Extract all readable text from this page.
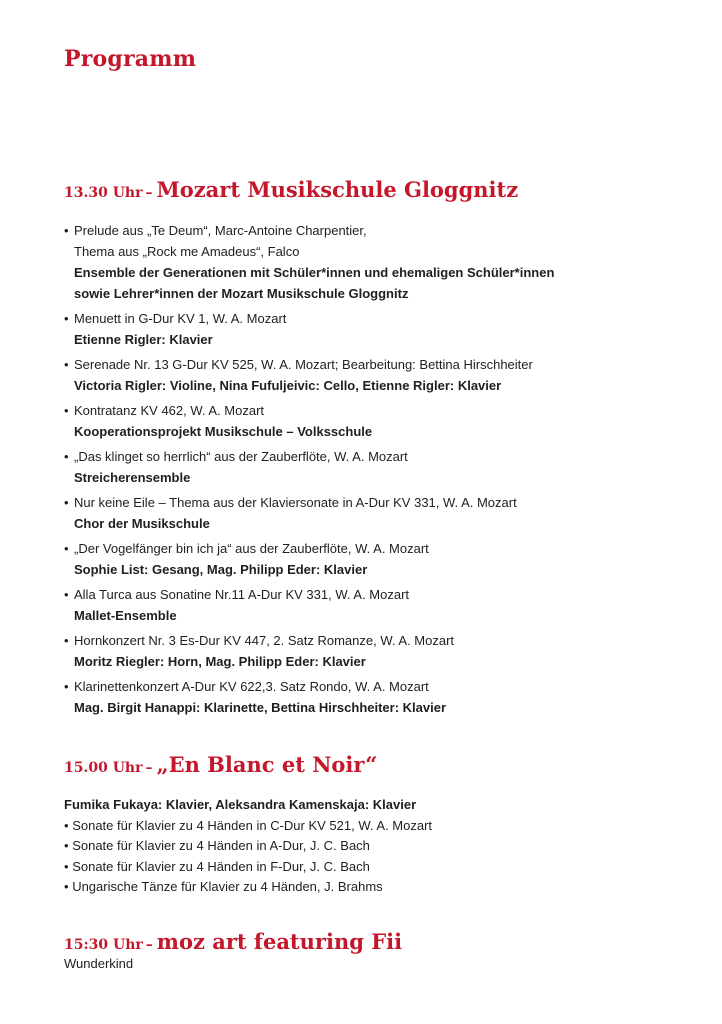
Programm
13.30 Uhr – Mozart Musikschule Gloggnitz
• Prelude aus „Te Deum“, Marc-Antoine Charpentier,
Thema aus „Rock me Amadeus“, Falco
Ensemble der Generationen mit Schüler*innen und ehemaligen Schüler*innen
sowie Lehrer*innen der Mozart Musikschule Gloggnitz
• Menuett in G-Dur KV 1, W. A. Mozart
Etienne Rigler: Klavier
• Serenade Nr. 13 G-Dur KV 525, W. A. Mozart; Bearbeitung: Bettina Hirschheiter
Victoria Rigler: Violine, Nina Fufuljeivic: Cello, Etienne Rigler: Klavier
• Kontratanz KV 462, W. A. Mozart
Kooperationsprojekt Musikschule – Volksschule
• „Das klinget so herrlich“ aus der Zauberflöte, W. A. Mozart
Streicherensemble
• Nur keine Eile – Thema aus der Klaviersonate in A-Dur KV 331, W. A. Mozart
Chor der Musikschule
• „Der Vogelfänger bin ich ja“ aus der Zauberflöte, W. A. Mozart
Sophie List: Gesang, Mag. Philipp Eder: Klavier
• Alla Turca aus Sonatine Nr.11 A-Dur KV 331, W. A. Mozart
Mallet-Ensemble
• Hornkonzert Nr. 3 Es-Dur KV 447, 2. Satz Romanze, W. A. Mozart
Moritz Riegler: Horn, Mag. Philipp Eder: Klavier
• Klarinettenkonzert A-Dur KV 622,3. Satz Rondo, W. A. Mozart
Mag. Birgit Hanappi: Klarinette, Bettina Hirschheiter: Klavier
15.00 Uhr – „En Blanc et Noir“
Fumika Fukaya: Klavier, Aleksandra Kamenskaja: Klavier
• Sonate für Klavier zu 4 Händen in C-Dur KV 521, W. A. Mozart
• Sonate für Klavier zu 4 Händen in A-Dur, J. C. Bach
• Sonate für Klavier zu 4 Händen in F-Dur, J. C. Bach
• Ungarische Tänze für Klavier zu 4 Händen, J. Brahms
15:30 Uhr – moz art featuring Fii

Wunderkind
